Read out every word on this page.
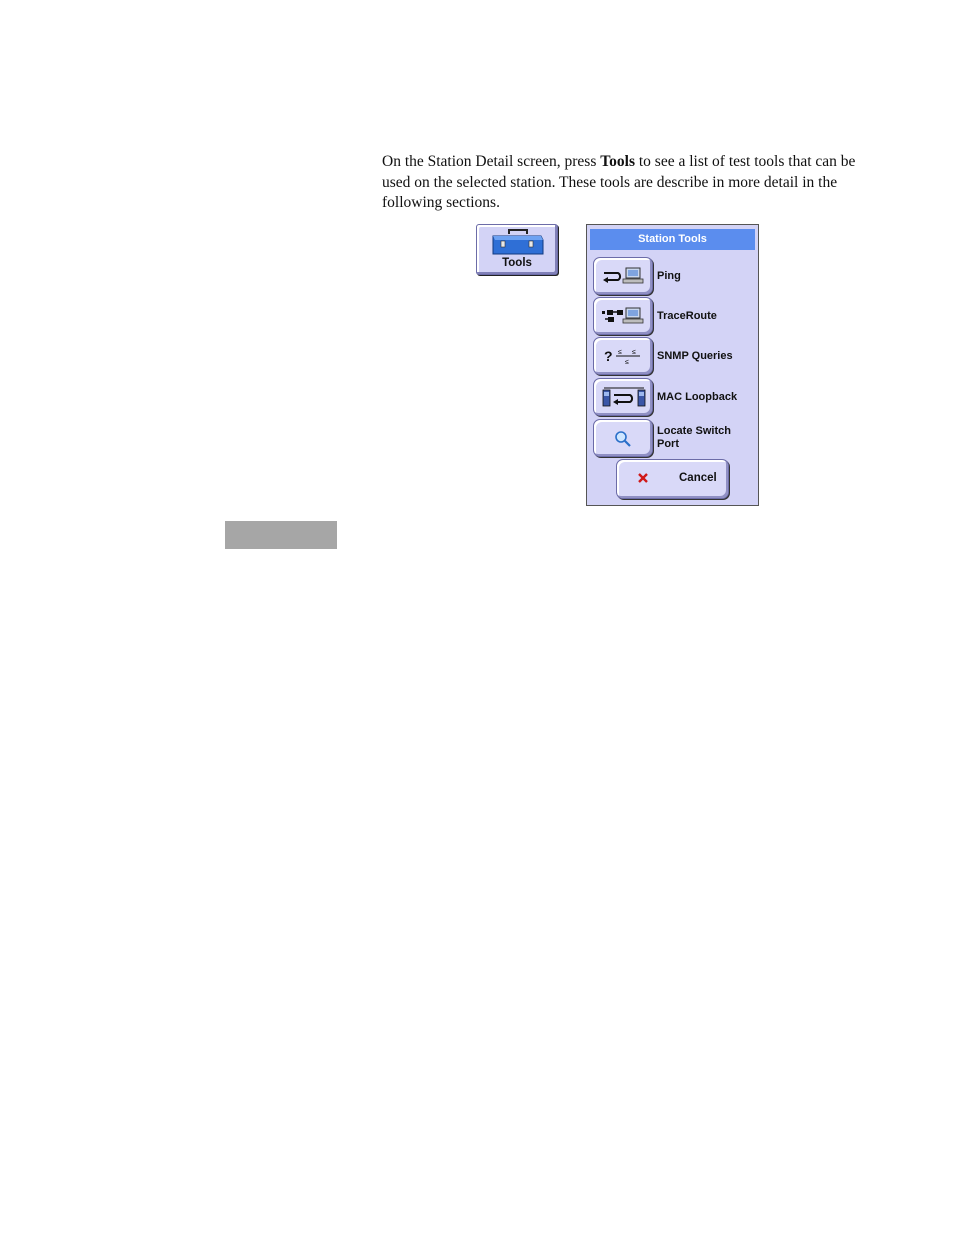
On the Station Detail screen, press Tools to see a list of test tools that can be used on the selected station. These tools are describe in more detail in the following sections.

Tools
Station Tools
Ping
TraceRoute
? ≤ ≤
≤
SNMP Queries
MAC Loopback
Locate Switch Port
Cancel
